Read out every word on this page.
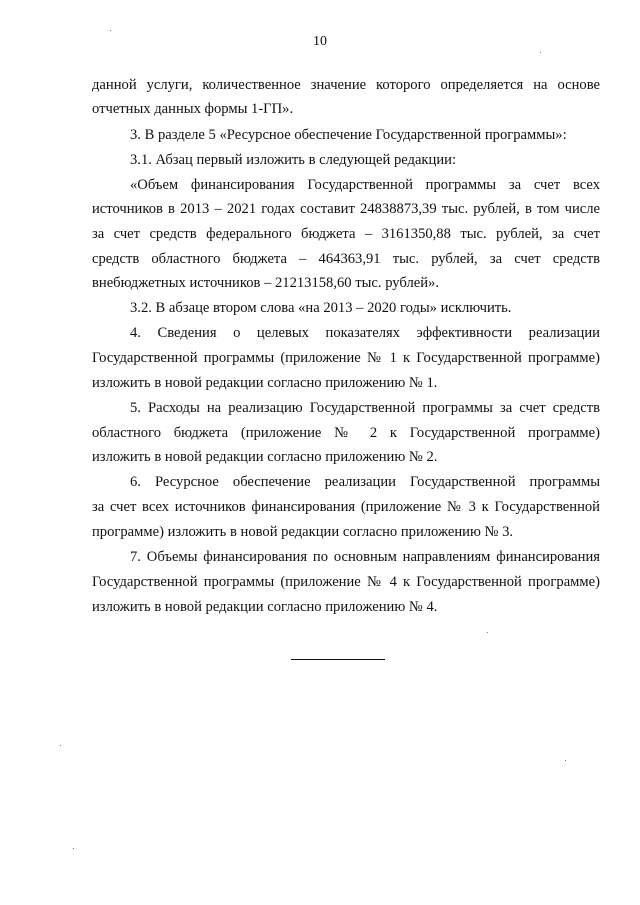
10
данной услуги, количественное значение которого определяется на основе
отчетных данных формы 1-ГП».
3. В разделе 5 «Ресурсное обеспечение Государственной программы»:
3.1. Абзац первый изложить в следующей редакции:
«Объем финансирования Государственной программы за счет всех
источников в 2013 – 2021 годах составит 24838873,39 тыс. рублей, в том числе
за счет средств федерального бюджета – 3161350,88 тыс. рублей, за счет
средств областного бюджета – 464363,91 тыс. рублей, за счет средств
внебюджетных источников – 21213158,60 тыс. рублей».
3.2. В абзаце втором слова «на 2013 – 2020 годы» исключить.
4. Сведения о целевых показателях эффективности реализации
Государственной программы (приложение № 1 к Государственной программе)
изложить в новой редакции согласно приложению № 1.
5. Расходы на реализацию Государственной программы за счет средств
областного бюджета (приложение № 2 к Государственной программе)
изложить в новой редакции согласно приложению № 2.
6. Ресурсное обеспечение реализации Государственной программы
за счет всех источников финансирования (приложение № 3 к Государственной
программе) изложить в новой редакции согласно приложению № 3.
7. Объемы финансирования по основным направлениям финансирования
Государственной программы (приложение № 4 к Государственной программе)
изложить в новой редакции согласно приложению № 4.
